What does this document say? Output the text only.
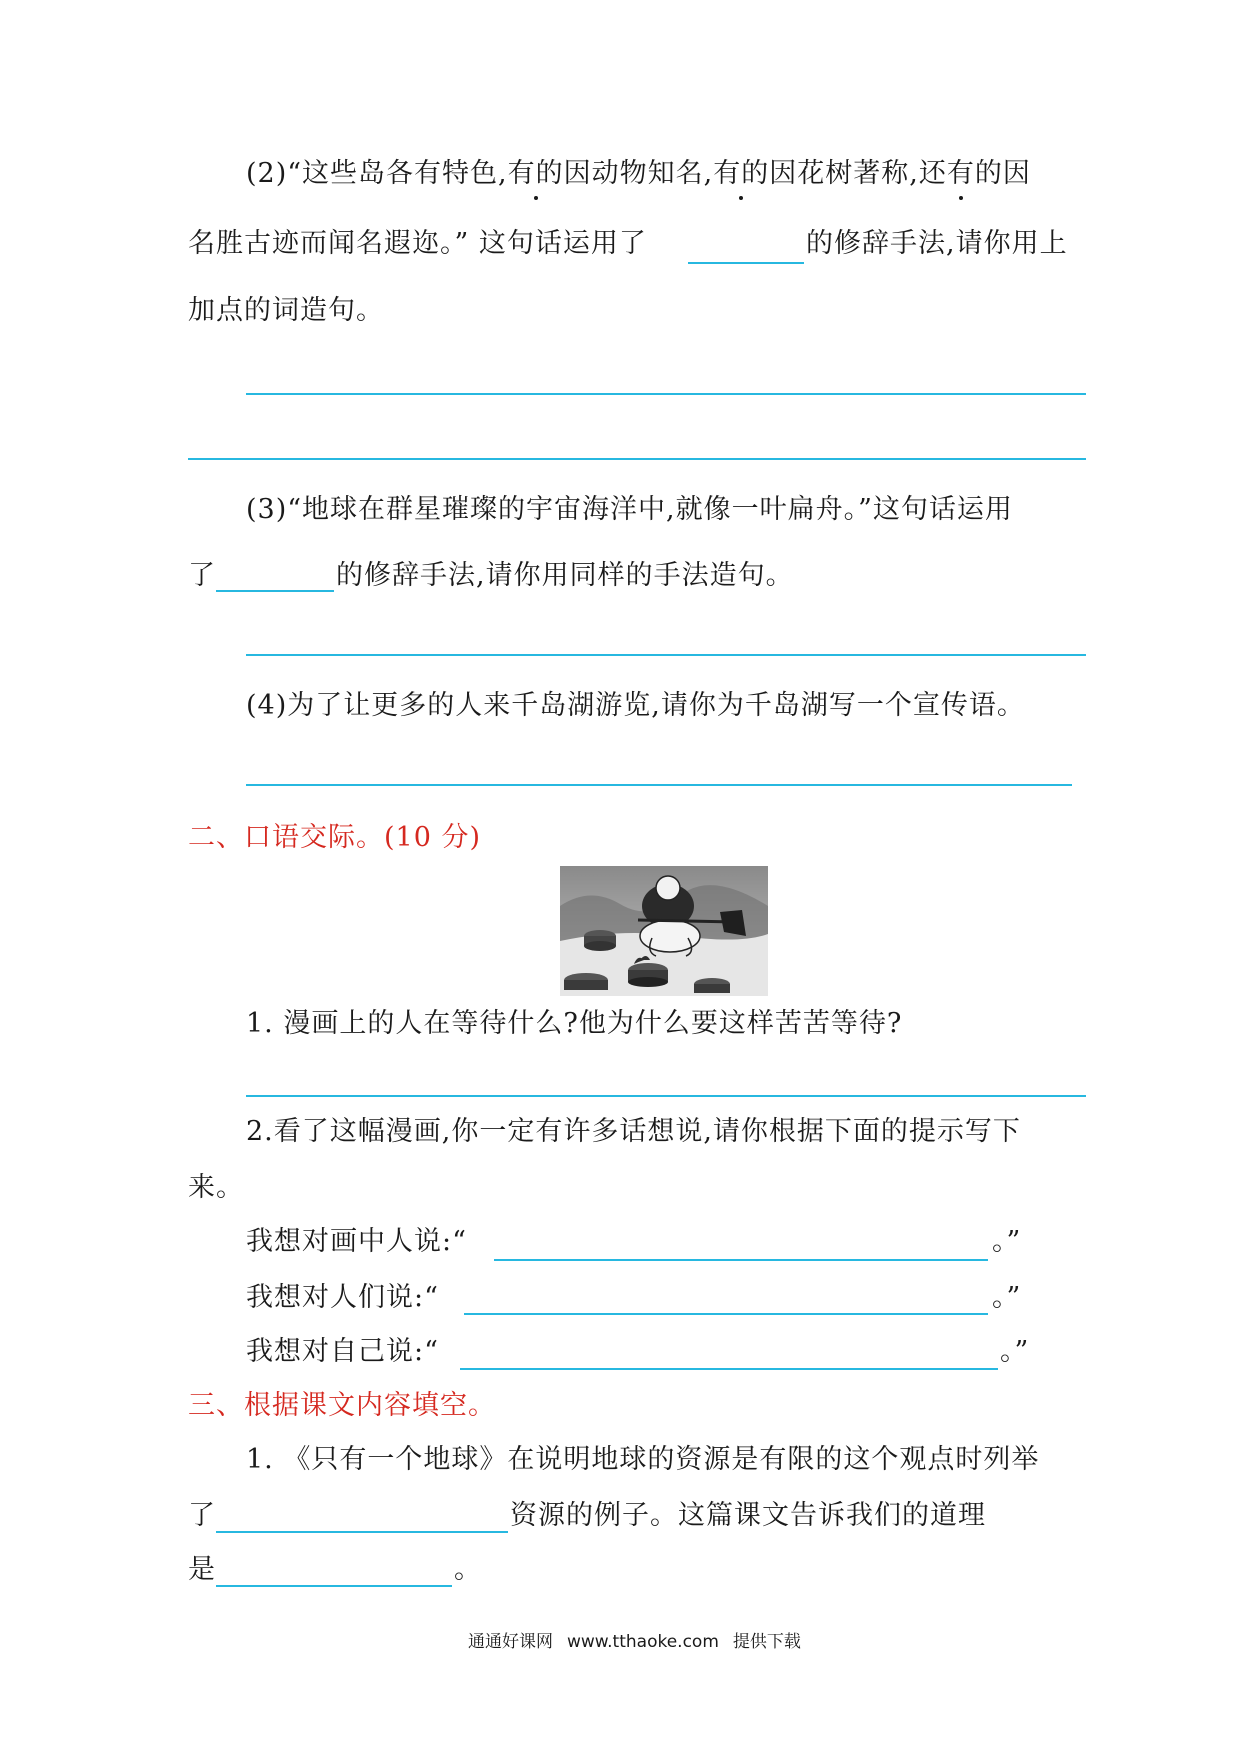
(2)“这些岛各有特色,有的因动物知名,有的因花树著称,还有的因
名胜古迹而闻名遐迩。” 这句话运用了	的修辞手法,请你用上
加点的词造句。
(3)“地球在群星璀璨的宇宙海洋中,就像一叶扁舟。”这句话运用
了	的修辞手法,请你用同样的手法造句。
(4)为了让更多的人来千岛湖游览,请你为千岛湖写一个宣传语。
二、口语交际。(10 分)
1. 漫画上的人在等待什么?他为什么要这样苦苦等待?
2.看了这幅漫画,你一定有许多话想说,请你根据下面的提示写下
来。
我想对画中人说:“	。”
我想对人们说:“	。”
我想对自己说:“	。”
三、根据课文内容填空。
1. 《只有一个地球》在说明地球的资源是有限的这个观点时列举
了	资源的例子。这篇课文告诉我们的道理
是	。
通通好课网 www.tthaoke.com 提供下载
